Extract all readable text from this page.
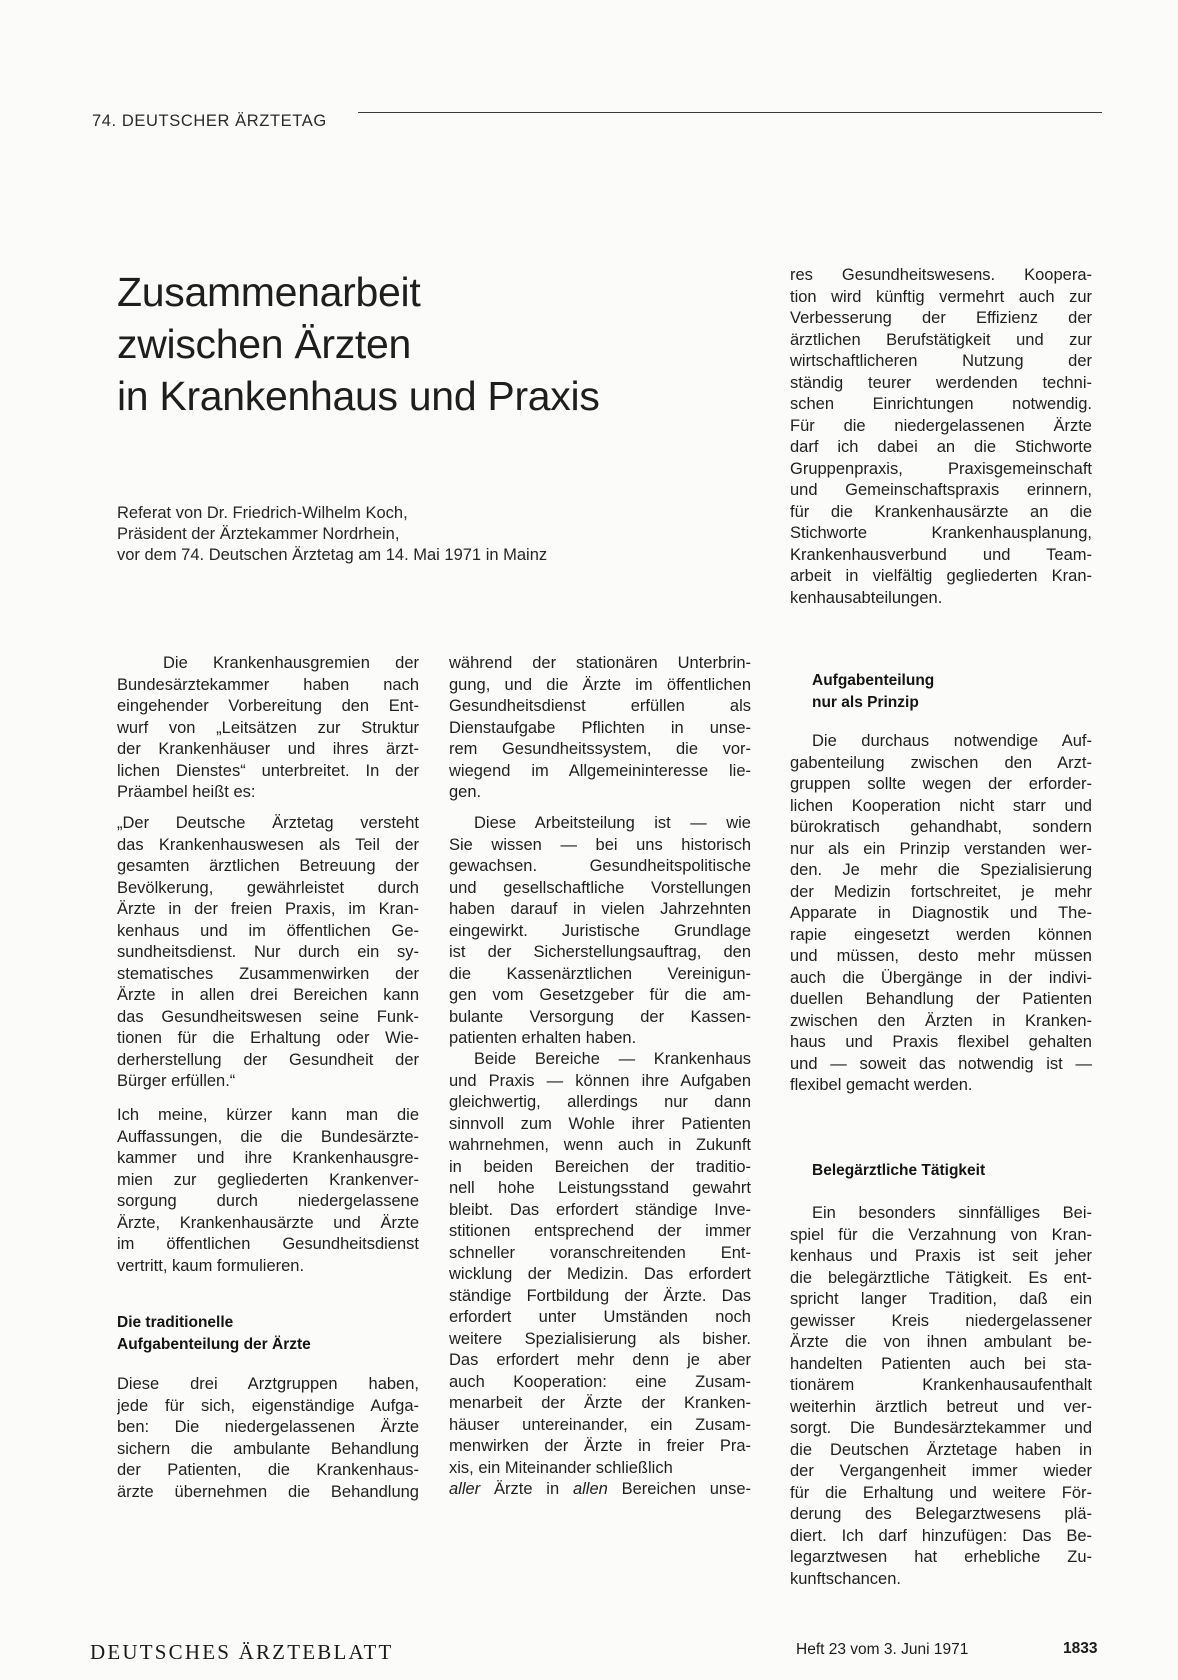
74. DEUTSCHER ÄRZTETAG
Zusammenarbeit
zwischen Ärzten
in Krankenhaus und Praxis
Referat von Dr. Friedrich-Wilhelm Koch,
Präsident der Ärztekammer Nordrhein,
vor dem 74. Deutschen Ärztetag am 14. Mai 1971 in Mainz
Die Krankenhausgremien der
Bundesärztekammer haben nach
eingehender Vorbereitung den Ent-
wurf von „Leitsätzen zur Struktur
der Krankenhäuser und ihres ärzt-
lichen Dienstes“ unterbreitet. In der
Präambel heißt es:
„Der Deutsche Ärztetag versteht
das Krankenhauswesen als Teil der
gesamten ärztlichen Betreuung der
Bevölkerung, gewährleistet durch
Ärzte in der freien Praxis, im Kran-
kenhaus und im öffentlichen Ge-
sundheitsdienst. Nur durch ein sy-
stematisches Zusammenwirken der
Ärzte in allen drei Bereichen kann
das Gesundheitswesen seine Funk-
tionen für die Erhaltung oder Wie-
derherstellung der Gesundheit der
Bürger erfüllen.“
Ich meine, kürzer kann man die
Auffassungen, die die Bundesärzte-
kammer und ihre Krankenhausgre-
mien zur gegliederten Krankenver-
sorgung durch niedergelassene
Ärzte, Krankenhausärzte und Ärzte
im öffentlichen Gesundheitsdienst
vertritt, kaum formulieren.
Die traditionelle
Aufgabenteilung der Ärzte
Diese drei Arztgruppen haben,
jede für sich, eigenständige Aufga-
ben: Die niedergelassenen Ärzte
sichern die ambulante Behandlung
der Patienten, die Krankenhaus-
ärzte übernehmen die Behandlung
während der stationären Unterbrin-
gung, und die Ärzte im öffentlichen
Gesundheitsdienst erfüllen als
Dienstaufgabe Pflichten in unse-
rem Gesundheitssystem, die vor-
wiegend im Allgemeininteresse lie-
gen.
Diese Arbeitsteilung ist — wie
Sie wissen — bei uns historisch
gewachsen. Gesundheitspolitische
und gesellschaftliche Vorstellungen
haben darauf in vielen Jahrzehnten
eingewirkt. Juristische Grundlage
ist der Sicherstellungsauftrag, den
die Kassenärztlichen Vereinigun-
gen vom Gesetzgeber für die am-
bulante Versorgung der Kassen-
patienten erhalten haben.
Beide Bereiche — Krankenhaus
und Praxis — können ihre Aufgaben
gleichwertig, allerdings nur dann
sinnvoll zum Wohle ihrer Patienten
wahrnehmen, wenn auch in Zukunft
in beiden Bereichen der traditio-
nell hohe Leistungsstand gewahrt
bleibt. Das erfordert ständige Inve-
stitionen entsprechend der immer
schneller voranschreitenden Ent-
wicklung der Medizin. Das erfordert
ständige Fortbildung der Ärzte. Das
erfordert unter Umständen noch
weitere Spezialisierung als bisher.
Das erfordert mehr denn je aber
auch Kooperation: eine Zusam-
menarbeit der Ärzte der Kranken-
häuser untereinander, ein Zusam-
menwirken der Ärzte in freier Pra-
xis, ein Miteinander schließlich
aller Ärzte in allen Bereichen unse-
res Gesundheitswesens. Koopera-
tion wird künftig vermehrt auch zur
Verbesserung der Effizienz der
ärztlichen Berufstätigkeit und zur
wirtschaftlicheren Nutzung der
ständig teurer werdenden techni-
schen Einrichtungen notwendig.
Für die niedergelassenen Ärzte
darf ich dabei an die Stichworte
Gruppenpraxis, Praxisgemeinschaft
und Gemeinschaftspraxis erinnern,
für die Krankenhausärzte an die
Stichworte Krankenhausplanung,
Krankenhausverbund und Team-
arbeit in vielfältig gegliederten Kran-
kenhausabteilungen.
Aufgabenteilung
nur als Prinzip
Die durchaus notwendige Auf-
gabenteilung zwischen den Arzt-
gruppen sollte wegen der erforder-
lichen Kooperation nicht starr und
bürokratisch gehandhabt, sondern
nur als ein Prinzip verstanden wer-
den. Je mehr die Spezialisierung
der Medizin fortschreitet, je mehr
Apparate in Diagnostik und The-
rapie eingesetzt werden können
und müssen, desto mehr müssen
auch die Übergänge in der indivi-
duellen Behandlung der Patienten
zwischen den Ärzten in Kranken-
haus und Praxis flexibel gehalten
und — soweit das notwendig ist —
flexibel gemacht werden.
Belegärztliche Tätigkeit
Ein besonders sinnfälliges Bei-
spiel für die Verzahnung von Kran-
kenhaus und Praxis ist seit jeher
die belegärztliche Tätigkeit. Es ent-
spricht langer Tradition, daß ein
gewisser Kreis niedergelassener
Ärzte die von ihnen ambulant be-
handelten Patienten auch bei sta-
tionärem Krankenhausaufenthalt
weiterhin ärztlich betreut und ver-
sorgt. Die Bundesärztekammer und
die Deutschen Ärztetage haben in
der Vergangenheit immer wieder
für die Erhaltung und weitere För-
derung des Belegarztwesens plä-
diert. Ich darf hinzufügen: Das Be-
legarztwesen hat erhebliche Zu-
kunftschancen.
DEUTSCHES ÄRZTEBLATT	Heft 23 vom 3. Juni 1971	1833
